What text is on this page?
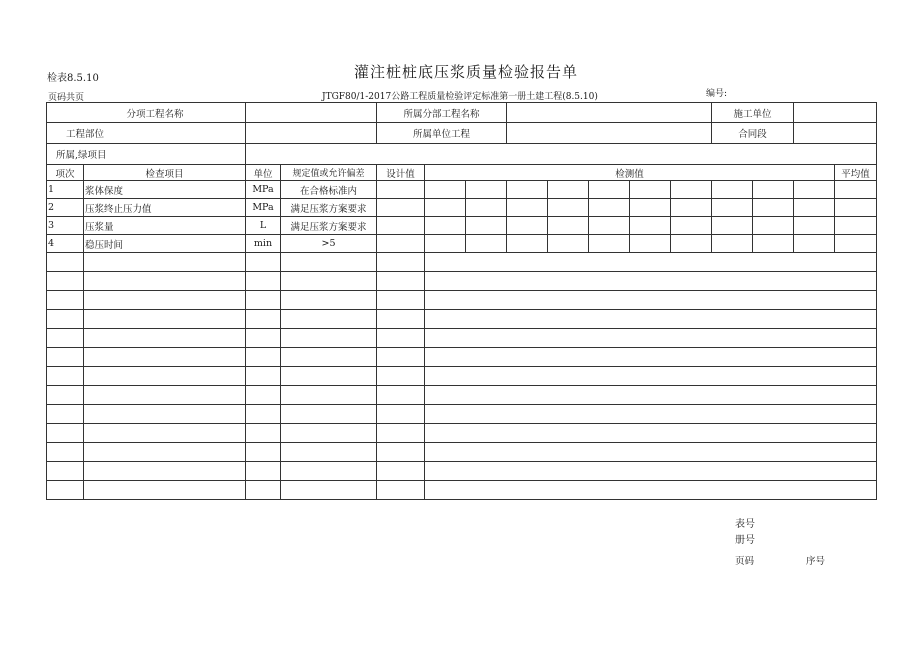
检表8.5.10	灌注桩桩底压浆质量检验报告单
页码共页	JTGF80/1-2017公路工程质量检验评定标准第一册土建工程(8.5.10)	编号:
分项工程名称				所属分部工程名称								施工单位			
工程部位				所属单位工程								合同段			
所属,绿项目															
项次	检查项目	单位	规定值或允许偏差	设计值	检测值										平均值
1	浆体保度	MPa	在合格标准内												
2	压浆终止压力值	MPa	满足压浆方案要求												
3	压浆量	L	满足压浆方案要求												
4	稳压时间	min	>5												

表号
册号
页码	序号
